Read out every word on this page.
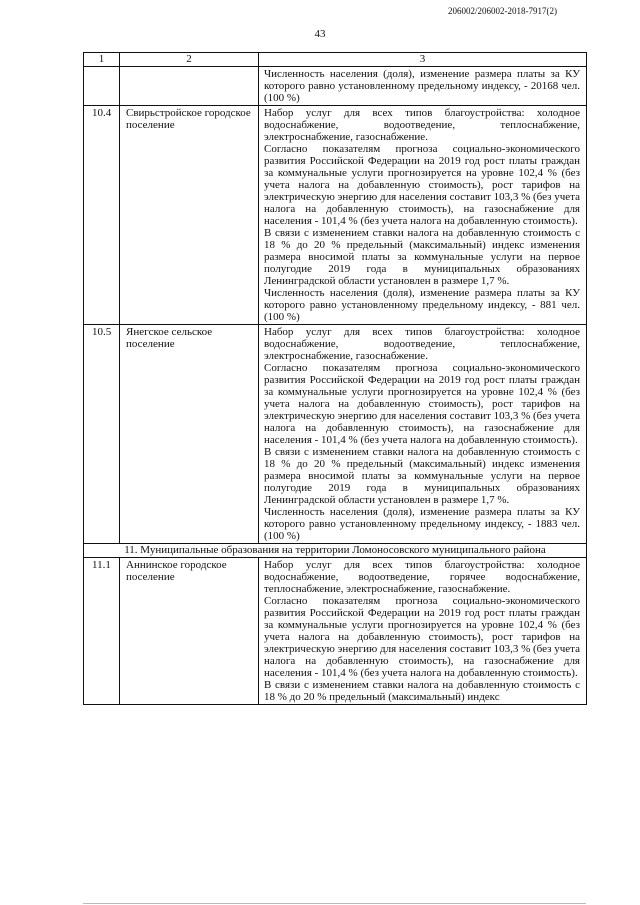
206002/206002-2018-7917(2)
43
1	2	3

		Численность населения (доля), изменение размера платы за КУ которого равно установленному предельному индексу, - 20168 чел. (100 %)

10.4	Свирьстройское городское поселение	Набор услуг для всех типов благоустройства: холодное водоснабжение, водоотведение, теплоснабжение, электроснабжение, газоснабжение.

Согласно показателям прогноза социально-экономического развития Российской Федерации на 2019 год рост платы граждан за коммунальные услуги прогнозируется на уровне 102,4 % (без учета налога на добавленную стоимость), рост тарифов на электрическую энергию для населения составит 103,3 % (без учета налога на добавленную стоимость), на газоснабжение для населения - 101,4 % (без учета налога на добавленную стоимость).

В связи с изменением ставки налога на добавленную стоимость с 18 % до 20 % предельный (максимальный) индекс изменения размера вносимой платы за коммунальные услуги на первое полугодие 2019 года в муниципальных образованиях Ленинградской области установлен в размере 1,7 %.

Численность населения (доля), изменение размера платы за КУ которого равно установленному предельному индексу, - 881 чел. (100 %)

10.5	Янегское сельское поселение	Набор услуг для всех типов благоустройства: холодное водоснабжение, водоотведение, теплоснабжение, электроснабжение, газоснабжение.

Согласно показателям прогноза социально-экономического развития Российской Федерации на 2019 год рост платы граждан за коммунальные услуги прогнозируется на уровне 102,4 % (без учета налога на добавленную стоимость), рост тарифов на электрическую энергию для населения составит 103,3 % (без учета налога на добавленную стоимость), на газоснабжение для населения - 101,4 % (без учета налога на добавленную стоимость).

В связи с изменением ставки налога на добавленную стоимость с 18 % до 20 % предельный (максимальный) индекс изменения размера вносимой платы за коммунальные услуги на первое полугодие 2019 года в муниципальных образованиях Ленинградской области установлен в размере 1,7 %.

Численность населения (доля), изменение размера платы за КУ которого равно установленному предельному индексу, - 1883 чел. (100 %)

11. Муниципальные образования на территории Ломоносовского муниципального района		
11.1	Аннинское городское поселение	Набор услуг для всех типов благоустройства: холодное водоснабжение, водоотведение, горячее водоснабжение, теплоснабжение, электроснабжение, газоснабжение.

Согласно показателям прогноза социально-экономического развития Российской Федерации на 2019 год рост платы граждан за коммунальные услуги прогнозируется на уровне 102,4 % (без учета налога на добавленную стоимость), рост тарифов на электрическую энергию для населения составит 103,3 % (без учета налога на добавленную стоимость), на газоснабжение для населения - 101,4 % (без учета налога на добавленную стоимость).

В связи с изменением ставки налога на добавленную стоимость с 18 % до 20 % предельный (максимальный) индекс
